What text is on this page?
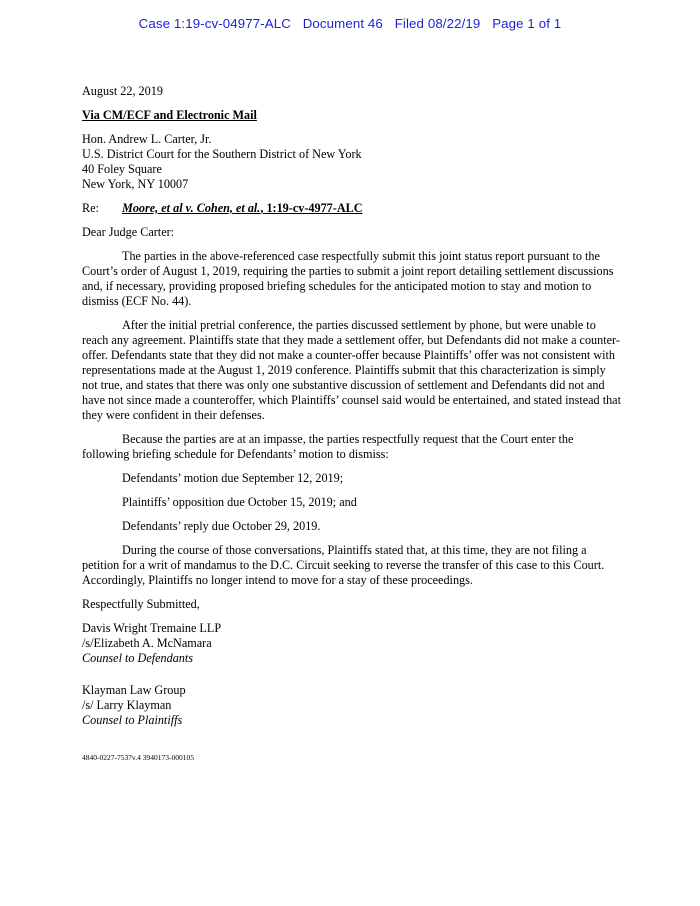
Case 1:19-cv-04977-ALC Document 46 Filed 08/22/19 Page 1 of 1

August 22, 2019

Via CM/ECF and Electronic Mail

Hon. Andrew L. Carter, Jr.

U.S. District Court for the Southern District of New York

40 Foley Square

New York, NY 10007

Re:	Moore, et al v. Cohen, et al., 1:19-cv-4977-ALC

Dear Judge Carter:

The parties in the above-referenced case respectfully submit this joint status report pursuant to the Court’s order of August 1, 2019, requiring the parties to submit a joint report detailing settlement discussions and, if necessary, providing proposed briefing schedules for the anticipated motion to stay and motion to dismiss (ECF No. 44).

After the initial pretrial conference, the parties discussed settlement by phone, but were unable to reach any agreement. Plaintiffs state that they made a settlement offer, but Defendants did not make a counter-offer. Defendants state that they did not make a counter-offer because Plaintiffs’ offer was not consistent with representations made at the August 1, 2019 conference. Plaintiffs submit that this characterization is simply not true, and states that there was only one substantive discussion of settlement and Defendants did not and have not since made a counteroffer, which Plaintiffs’ counsel said would be entertained, and stated instead that they were confident in their defenses.

Because the parties are at an impasse, the parties respectfully request that the Court enter the following briefing schedule for Defendants’ motion to dismiss:

Defendants’ motion due September 12, 2019;

Plaintiffs’ opposition due October 15, 2019; and

Defendants’ reply due October 29, 2019.

During the course of those conversations, Plaintiffs stated that, at this time, they are not filing a petition for a writ of mandamus to the D.C. Circuit seeking to reverse the transfer of this case to this Court. Accordingly, Plaintiffs no longer intend to move for a stay of these proceedings.

Respectfully Submitted,

Davis Wright Tremaine LLP

/s/Elizabeth A. McNamara

Counsel to Defendants

Klayman Law Group

/s/ Larry Klayman

Counsel to Plaintiffs

4840-0227-7537v.4 3940173-000105
